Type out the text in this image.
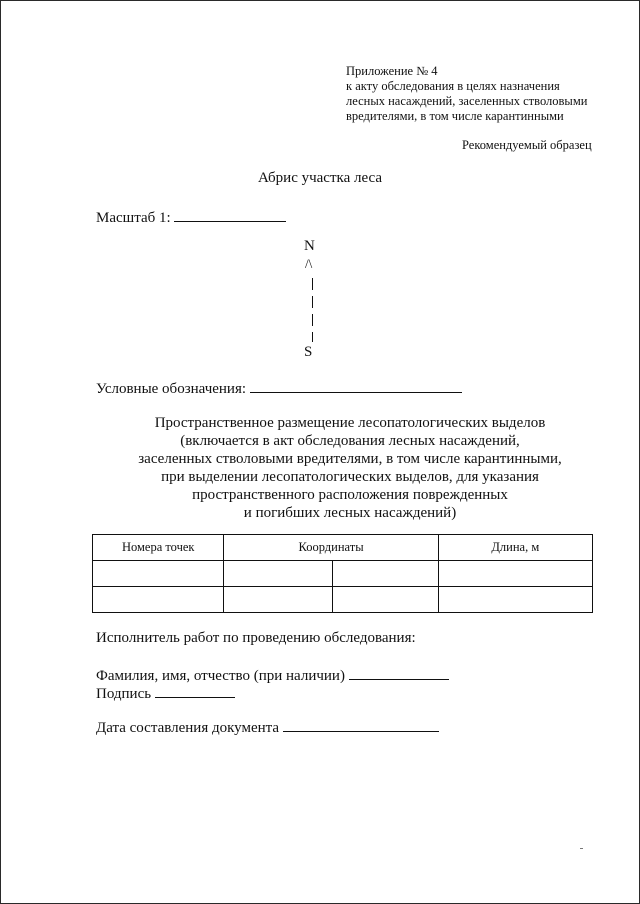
Приложение № 4
к акту обследования в целях назначения
лесных насаждений, заселенных стволовыми
вредителями, в том числе карантинными
Рекомендуемый образец
Абрис участка леса
Масштаб 1:
N
/\
S
Условные обозначения:
Пространственное размещение лесопатологических выделов
(включается в акт обследования лесных насаждений,
заселенных стволовыми вредителями, в том числе карантинными,
при выделении лесопатологических выделов, для указания
пространственного расположения поврежденных
и погибших лесных насаждений)
Номера точек	Координаты		Длина, м

Исполнитель работ по проведению обследования:
Фамилия, имя, отчество (при наличии)
Подпись
Дата составления документа
